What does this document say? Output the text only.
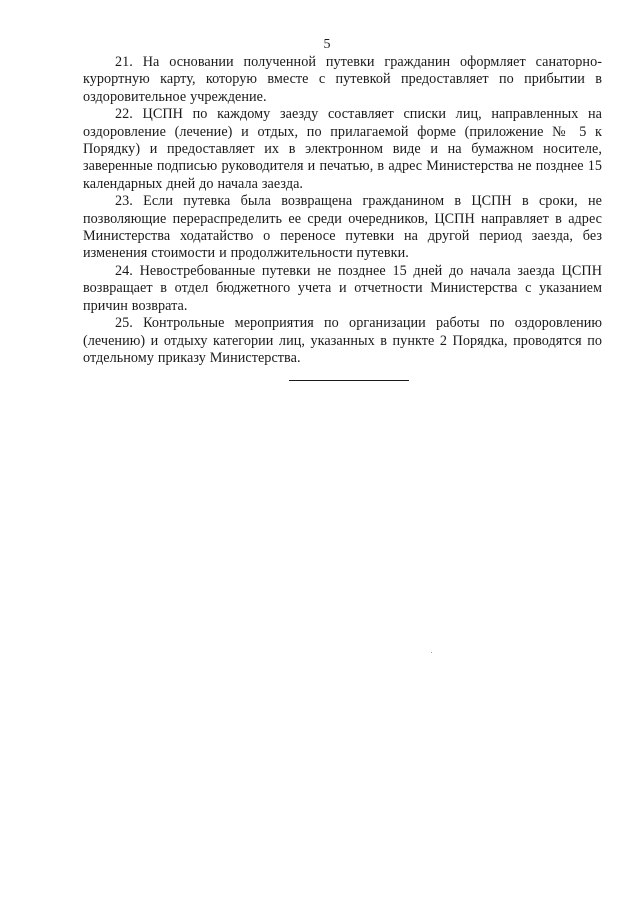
5

21. На основании полученной путевки гражданин оформляет санаторно-курортную карту, которую вместе с путевкой предоставляет по прибытии в оздоровительное учреждение.

22. ЦСПН по каждому заезду составляет списки лиц, направленных на оздоровление (лечение) и отдых, по прилагаемой форме (приложение № 5 к Порядку) и предоставляет их в электронном виде и на бумажном носителе, заверенные подписью руководителя и печатью, в адрес Министерства не позднее 15 календарных дней до начала заезда.

23. Если путевка была возвращена гражданином в ЦСПН в сроки, не позволяющие перераспределить ее среди очередников, ЦСПН направляет в адрес Министерства ходатайство о переносе путевки на другой период заезда, без изменения стоимости и продолжительности путевки.

24. Невостребованные путевки не позднее 15 дней до начала заезда ЦСПН возвращает в отдел бюджетного учета и отчетности Министерства с указанием причин возврата.

25. Контрольные мероприятия по организации работы по оздоровлению (лечению) и отдыху категории лиц, указанных в пункте 2 Порядка, проводятся по отдельному приказу Министерства.
